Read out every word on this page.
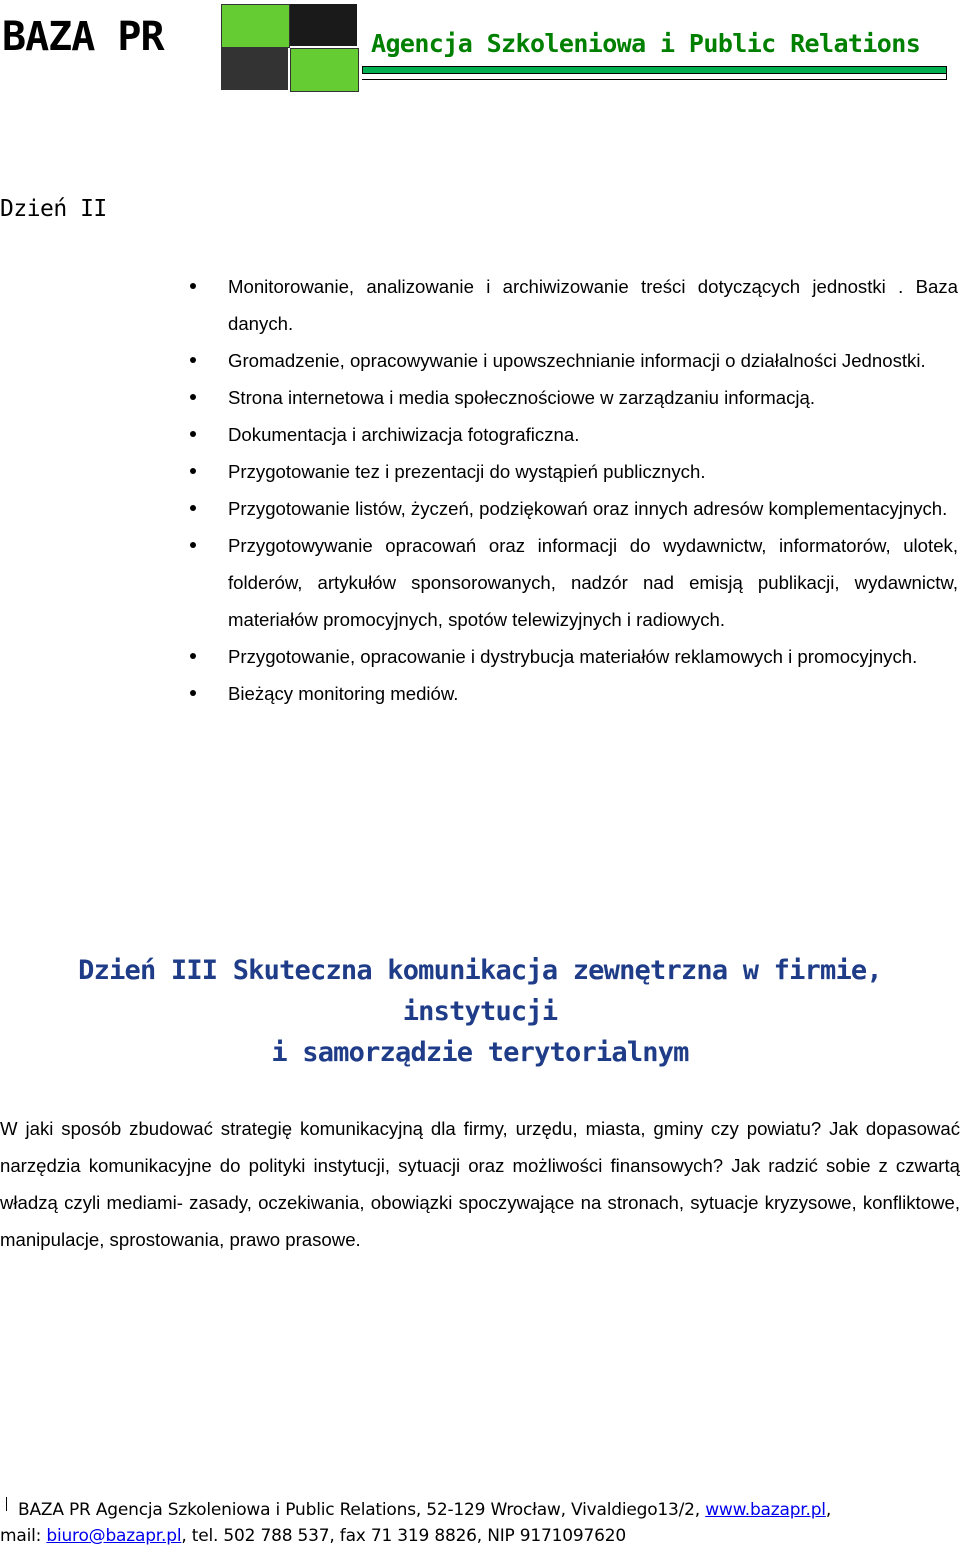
BAZA PR	Agencja Szkoleniowa i Public Relations
Dzień II
Monitorowanie, analizowanie i archiwizowanie treści dotyczących jednostki . Baza danych.
Gromadzenie, opracowywanie i upowszechnianie informacji o działalności Jednostki.
Strona internetowa i media społecznościowe w zarządzaniu informacją.
Dokumentacja i archiwizacja fotograficzna.
Przygotowanie tez i prezentacji do wystąpień publicznych.
Przygotowanie listów, życzeń, podziękowań oraz innych adresów komplementacyjnych.
Przygotowywanie opracowań oraz informacji do wydawnictw, informatorów, ulotek, folderów, artykułów sponsorowanych, nadzór nad emisją publikacji, wydawnictw, materiałów promocyjnych, spotów telewizyjnych i radiowych.
Przygotowanie, opracowanie i dystrybucja materiałów reklamowych i promocyjnych.
Bieżący monitoring mediów.
Dzień III Skuteczna komunikacja zewnętrzna w firmie, instytucji
i samorządzie terytorialnym

W jaki sposób zbudować strategię komunikacyjną dla firmy, urzędu, miasta, gminy czy powiatu? Jak dopasować narzędzia komunikacyjne do polityki instytucji, sytuacji oraz możliwości finansowych? Jak radzić sobie z czwartą władzą czyli mediami- zasady, oczekiwania, obowiązki spoczywające na stronach, sytuacje kryzysowe, konfliktowe, manipulacje, sprostowania, prawo prasowe.

BAZA PR Agencja Szkoleniowa i Public Relations, 52-129 Wrocław, Vivaldiego13/2, www.bazapr.pl,
mail: biuro@bazapr.pl, tel. 502 788 537, fax 71 319 8826, NIP 9171097620
